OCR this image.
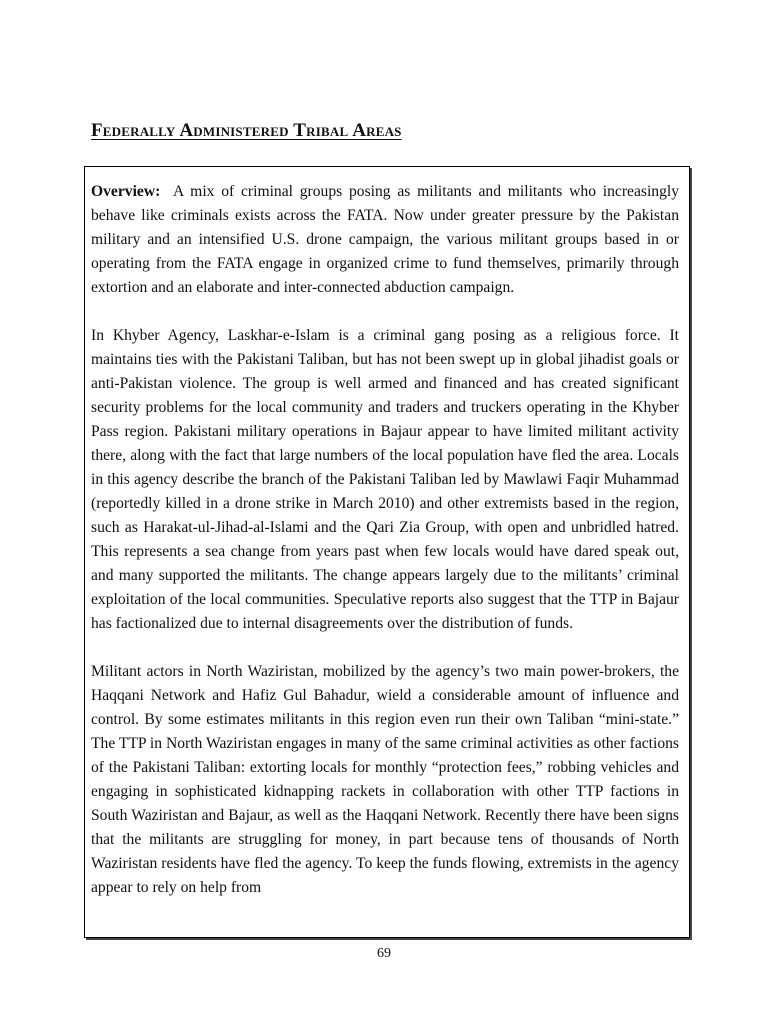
Federally Administered Tribal Areas

Overview: A mix of criminal groups posing as militants and militants who increasingly behave like criminals exists across the FATA. Now under greater pressure by the Pakistan military and an intensified U.S. drone campaign, the various militant groups based in or operating from the FATA engage in organized crime to fund themselves, primarily through extortion and an elaborate and inter-connected abduction campaign.

In Khyber Agency, Laskhar-e-Islam is a criminal gang posing as a religious force. It maintains ties with the Pakistani Taliban, but has not been swept up in global jihadist goals or anti-Pakistan violence. The group is well armed and financed and has created significant security problems for the local community and traders and truckers operating in the Khyber Pass region. Pakistani military operations in Bajaur appear to have limited militant activity there, along with the fact that large numbers of the local population have fled the area. Locals in this agency describe the branch of the Pakistani Taliban led by Mawlawi Faqir Muhammad (reportedly killed in a drone strike in March 2010) and other extremists based in the region, such as Harakat-ul-Jihad-al-Islami and the Qari Zia Group, with open and unbridled hatred. This represents a sea change from years past when few locals would have dared speak out, and many supported the militants. The change appears largely due to the militants’ criminal exploitation of the local communities. Speculative reports also suggest that the TTP in Bajaur has factionalized due to internal disagreements over the distribution of funds.

Militant actors in North Waziristan, mobilized by the agency’s two main power-brokers, the Haqqani Network and Hafiz Gul Bahadur, wield a considerable amount of influence and control. By some estimates militants in this region even run their own Taliban “mini-state.” The TTP in North Waziristan engages in many of the same criminal activities as other factions of the Pakistani Taliban: extorting locals for monthly “protection fees,” robbing vehicles and engaging in sophisticated kidnapping rackets in collaboration with other TTP factions in South Waziristan and Bajaur, as well as the Haqqani Network. Recently there have been signs that the militants are struggling for money, in part because tens of thousands of North Waziristan residents have fled the agency. To keep the funds flowing, extremists in the agency appear to rely on help from

69
